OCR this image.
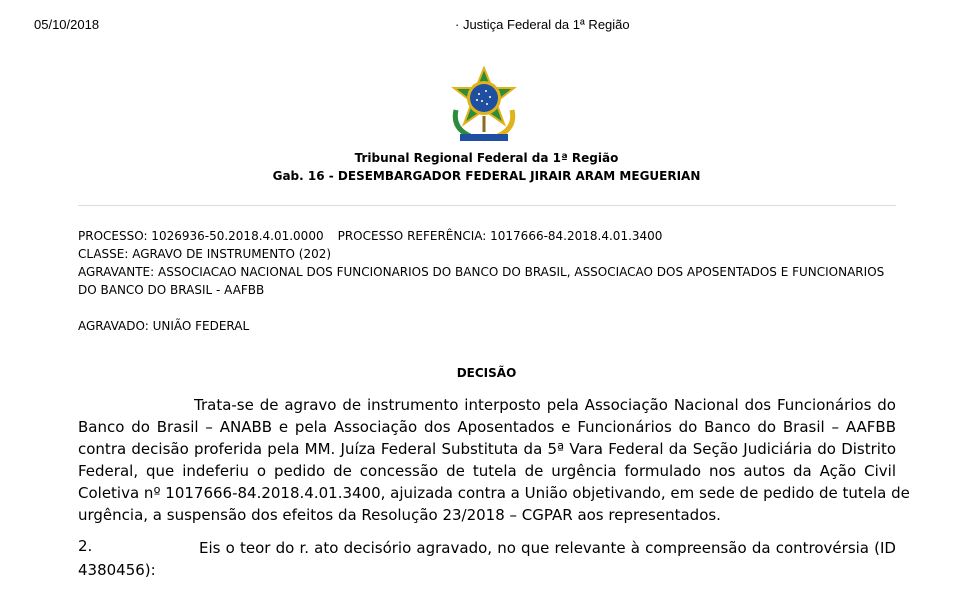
05/10/2018	· Justiça Federal da 1ª Região
Tribunal Regional Federal da 1ª Região
Gab. 16 - DESEMBARGADOR FEDERAL JIRAIR ARAM MEGUERIAN
PROCESSO: 1026936-50.2018.4.01.0000 PROCESSO REFERÊNCIA: 1017666-84.2018.4.01.3400
CLASSE: AGRAVO DE INSTRUMENTO (202)
AGRAVANTE: ASSOCIACAO NACIONAL DOS FUNCIONARIOS DO BANCO DO BRASIL, ASSOCIACAO DOS APOSENTADOS E FUNCIONARIOS
DO BANCO DO BRASIL - AAFBB
AGRAVADO: UNIÃO FEDERAL
DECISÃO
Trata-se de agravo de instrumento interposto pela Associação Nacional dos Funcionários do
Banco do Brasil – ANABB e pela Associação dos Aposentados e Funcionários do Banco do Brasil – AAFBB
contra decisão proferida pela MM. Juíza Federal Substituta da 5ª Vara Federal da Seção Judiciária do Distrito
Federal, que indeferiu o pedido de concessão de tutela de urgência formulado nos autos da Ação Civil
Coletiva nº 1017666-84.2018.4.01.3400, ajuizada contra a União objetivando, em sede de pedido de tutela de
urgência, a suspensão dos efeitos da Resolução 23/2018 – CGPAR aos representados.
2.	Eis o teor do r. ato decisório agravado, no que relevante à compreensão da controvérsia (ID
4380456):
